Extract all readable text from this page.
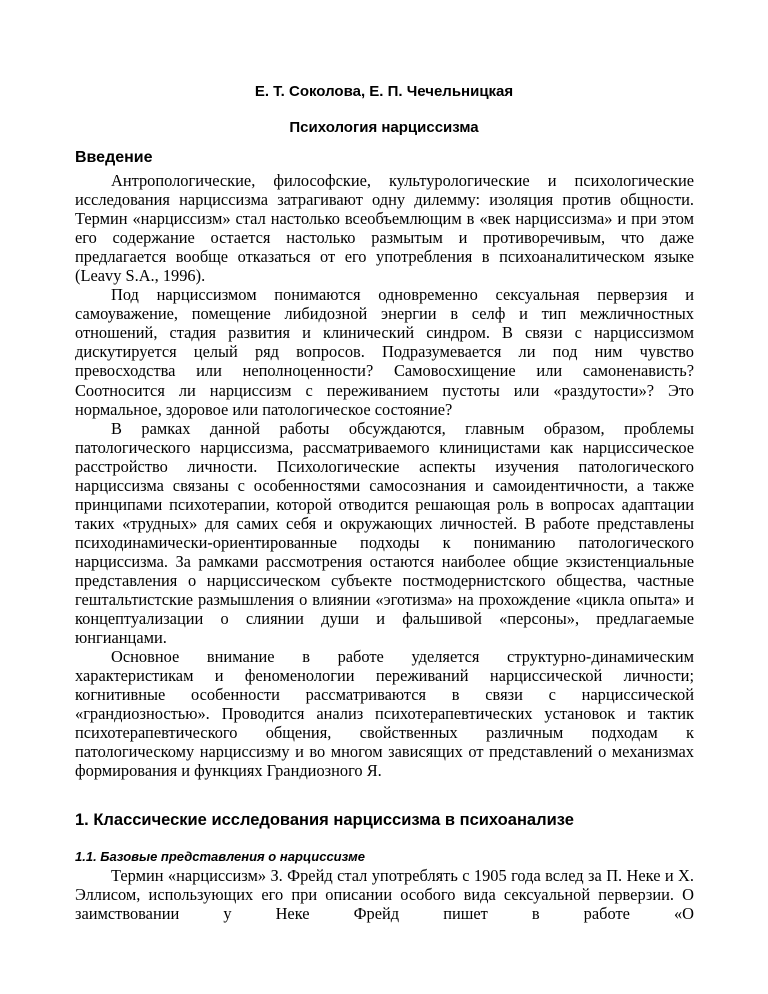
Е. Т. Соколова, Е. П. Чечельницкая
Психология нарциссизма
Введение

Антропологические, философские, культурологические и психологические исследования нарциссизма затрагивают одну дилемму: изоляция против общности. Термин «нарциссизм» стал настолько всеобъемлющим в «век нарциссизма» и при этом его содержание остается настолько размытым и противоречивым, что даже предлагается вообще отказаться от его употребления в психоаналитическом языке (Leavy S.A., 1996).

Под нарциссизмом понимаются одновременно сексуальная перверзия и самоуважение, помещение либидозной энергии в селф и тип межличностных отношений, стадия развития и клинический синдром. В связи с нарциссизмом дискутируется целый ряд вопросов. Подразумевается ли под ним чувство превосходства или неполноценности? Самовосхищение или самоненависть? Соотносится ли нарциссизм с переживанием пустоты или «раздутости»? Это нормальное, здоровое или патологическое состояние?

В рамках данной работы обсуждаются, главным образом, проблемы патологического нарциссизма, рассматриваемого клиницистами как нарциссическое расстройство личности. Психологические аспекты изучения патологического нарциссизма связаны с особенностями самосознания и самоидентичности, а также принципами психотерапии, которой отводится решающая роль в вопросах адаптации таких «трудных» для самих себя и окружающих личностей. В работе представлены психодинамически-ориентированные подходы к пониманию патологического нарциссизма. За рамками рассмотрения остаются наиболее общие экзистенциальные представления о нарциссическом субъекте постмодернистского общества, частные гештальтистские размышления о влиянии «эготизма» на прохождение «цикла опыта» и концептуализации о слиянии души и фальшивой «персоны», предлагаемые юнгианцами.

Основное внимание в работе уделяется структурно-динамическим характеристикам и феноменологии переживаний нарциссической личности; когнитивные особенности рассматриваются в связи с нарциссической «грандиозностью». Проводится анализ психотерапевтических установок и тактик психотерапевтического общения, свойственных различным подходам к патологическому нарциссизму и во многом зависящих от представлений о механизмах формирования и функциях Грандиозного Я.

1. Классические исследования нарциссизма в психоанализе
1.1. Базовые представления о нарциссизме

Термин «нарциссизм» З. Фрейд стал употреблять с 1905 года вслед за П. Неке и Х. Эллисом, использующих его при описании особого вида сексуальной перверзии. О заимствовании у Неке Фрейд пишет в работе «О
